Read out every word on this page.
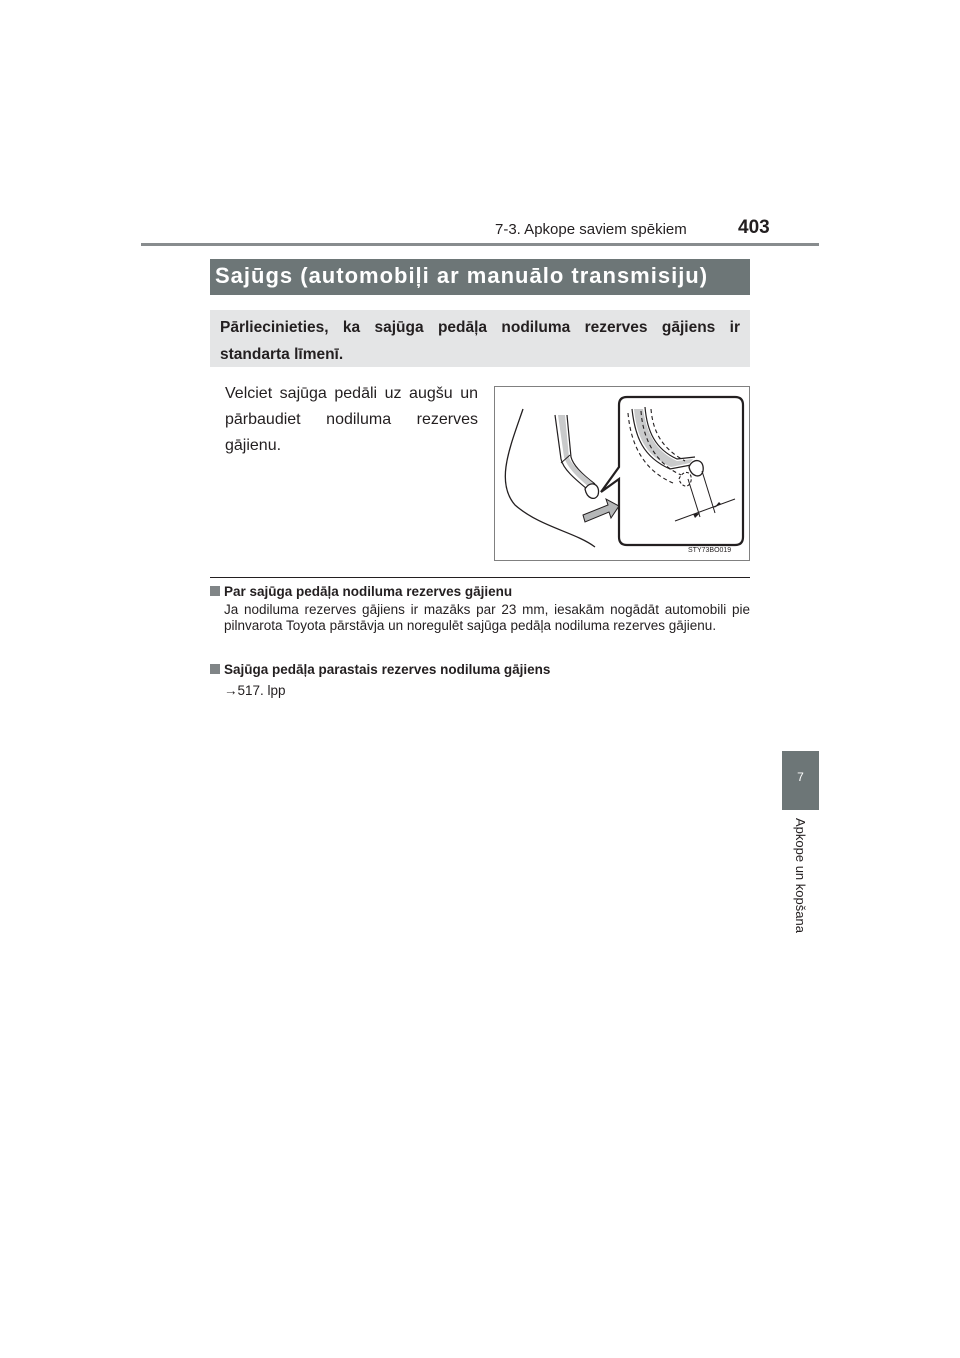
7-3. Apkope saviem spēkiem	403
7
Apkope un kopšana
Sajūgs (automobiļi ar manuālo transmisiju)
Pārliecinieties, ka sajūga pedāļa nodiluma rezerves gājiens ir standarta līmenī.
Velciet sajūga pedāli uz augšu un pārbaudiet nodiluma rezerves gājienu.
STY73BO019
Par sajūga pedāļa nodiluma rezerves gājienu
Ja nodiluma rezerves gājiens ir mazāks par 23 mm, iesakām nogādāt automobili pie pilnvarota Toyota pārstāvja un noregulēt sajūga pedāļa nodiluma rezerves gājienu.
Sajūga pedāļa parastais rezerves nodiluma gājiens
→517. lpp
